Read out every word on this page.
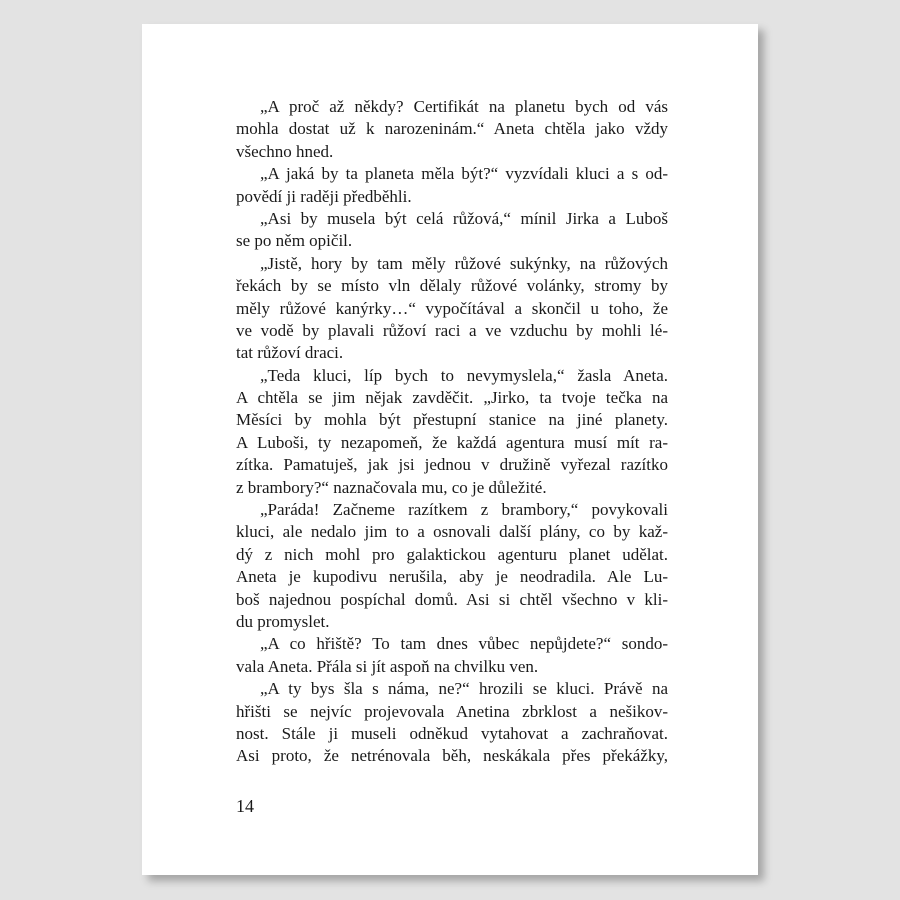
„A proč až někdy? Certifikát na planetu bych od vás
mohla dostat už k narozeninám.“ Aneta chtěla jako vždy
všechno hned.
„A jaká by ta planeta měla být?“ vyzvídali kluci a s od-
povědí ji raději předběhli.
„Asi by musela být celá růžová,“ mínil Jirka a Luboš
se po něm opičil.
„Jistě, hory by tam měly růžové sukýnky, na růžových
řekách by se místo vln dělaly růžové volánky, stromy by
měly růžové kanýrky…“ vypočítával a skončil u toho, že
ve vodě by plavali růžoví raci a ve vzduchu by mohli lé-
tat růžoví draci.
„Teda kluci, líp bych to nevymyslela,“ žasla Aneta.
A chtěla se jim nějak zavděčit. „Jirko, ta tvoje tečka na
Měsíci by mohla být přestupní stanice na jiné planety.
A Luboši, ty nezapomeň, že každá agentura musí mít ra-
zítka. Pamatuješ, jak jsi jednou v družině vyřezal razítko
z brambory?“ naznačovala mu, co je důležité.
„Paráda! Začneme razítkem z brambory,“ povykovali
kluci, ale nedalo jim to a osnovali další plány, co by kaž-
dý z nich mohl pro galaktickou agenturu planet udělat.
Aneta je kupodivu nerušila, aby je neodradila. Ale Lu-
boš najednou pospíchal domů. Asi si chtěl všechno v kli-
du promyslet.
„A co hřiště? To tam dnes vůbec nepůjdete?“ sondo-
vala Aneta. Přála si jít aspoň na chvilku ven.
„A ty bys šla s náma, ne?“ hrozili se kluci. Právě na
hřišti se nejvíc projevovala Anetina zbrklost a nešikov-
nost. Stále ji museli odněkud vytahovat a zachraňovat.
Asi proto, že netrénovala běh, neskákala přes překážky,
14
